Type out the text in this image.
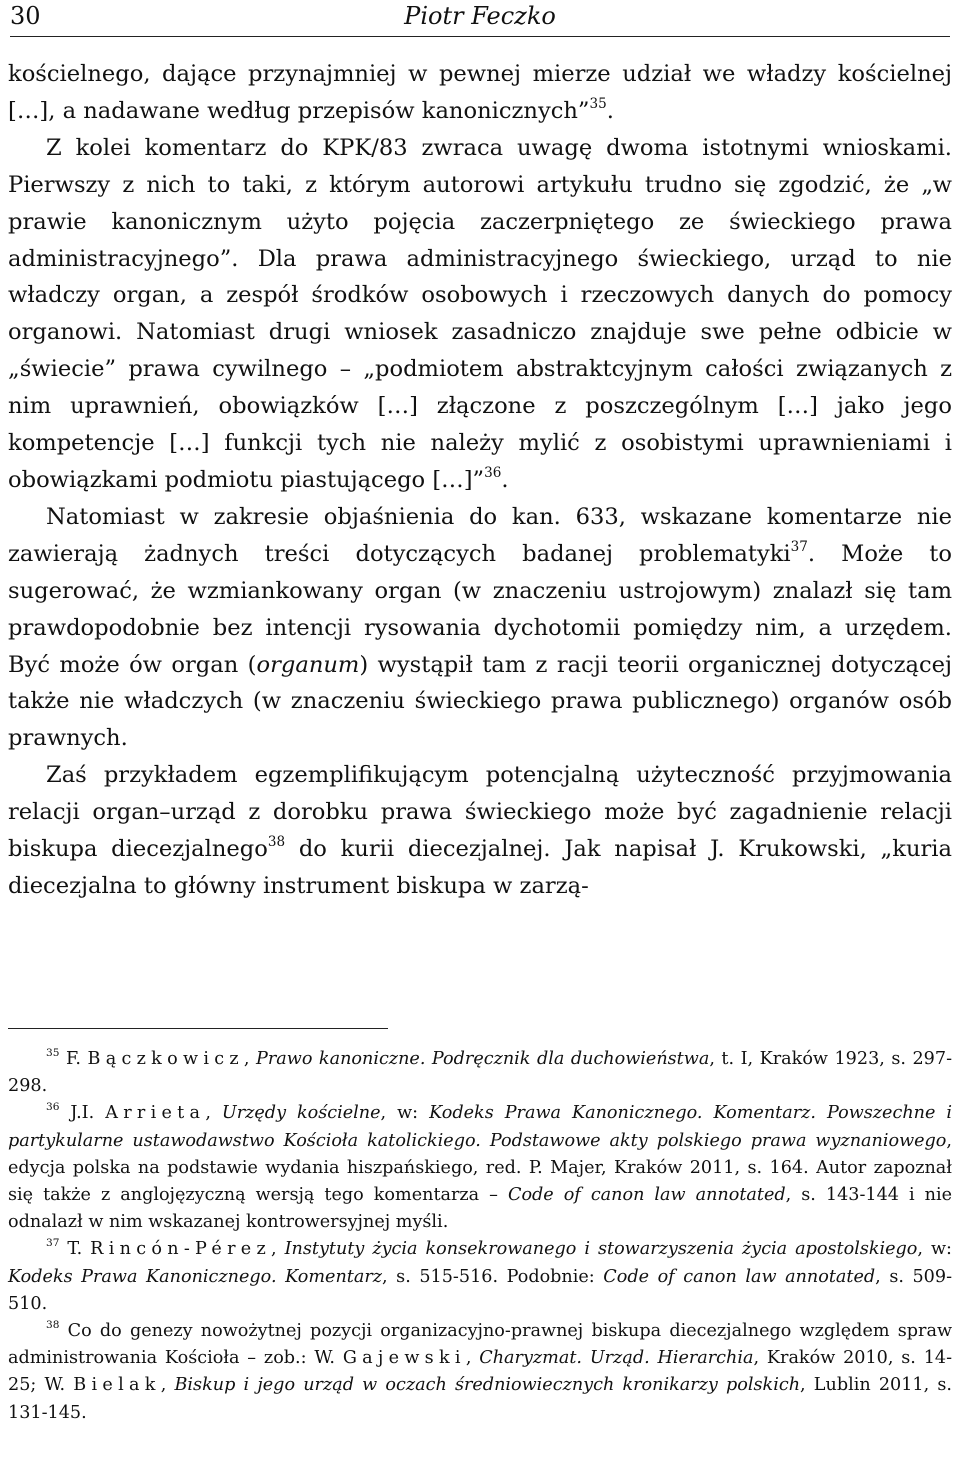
30	Piotr Feczko

kościelnego, dające przynajmniej w pewnej mierze udział we władzy kościelnej […], a nadawane według przepisów kanonicznych”$^{35}$.

Z kolei komentarz do KPK/83 zwraca uwagę dwoma istotnymi wnioskami. Pierwszy z nich to taki, z którym autorowi artykułu trudno się zgodzić, że „w prawie kanonicznym użyto pojęcia zaczerpniętego ze świeckiego prawa administracyjnego”. Dla prawa administracyjnego świeckiego, urząd to nie władczy organ, a zespół środków osobowych i rzeczowych danych do pomocy organowi. Natomiast drugi wniosek zasadniczo znajduje swe pełne odbicie w „świecie” prawa cywilnego – „podmiotem abstraktcyjnym całości związanych z nim uprawnień, obowiązków […] złączone z poszczególnym […] jako jego kompetencje […] funkcji tych nie należy mylić z osobistymi uprawnieniami i obowiązkami podmiotu piastującego […]”$^{36}$.

Natomiast w zakresie objaśnienia do kan. 633, wskazane komentarze nie zawierają żadnych treści dotyczących badanej problematyki$^{37}$. Może to sugerować, że wzmiankowany organ (w znaczeniu ustrojowym) znalazł się tam prawdopodobnie bez intencji rysowania dychotomii pomiędzy nim, a urzędem. Być może ów organ (organum) wystąpił tam z racji teorii organicznej dotyczącej także nie władczych (w znaczeniu świeckiego prawa publicznego) organów osób prawnych.

Zaś przykładem egzemplifikującym potencjalną użyteczność przyjmowania relacji organ–urząd z dorobku prawa świeckiego może być zagadnienie relacji biskupa diecezjalnego$^{38}$ do kurii diecezjalnej. Jak napisał J. Krukowski, „kuria diecezjalna to główny instrument biskupa w zarzą-

$^{35}$ F. Bączkowicz, Prawo kanoniczne. Podręcznik dla duchowieństwa, t. I, Kraków 1923, s. 297-298.

$^{36}$ J.I. Arrieta, Urzędy kościelne, w: Kodeks Prawa Kanonicznego. Komentarz. Powszechne i partykularne ustawodawstwo Kościoła katolickiego. Podstawowe akty polskiego prawa wyznaniowego, edycja polska na podstawie wydania hiszpańskiego, red. P. Majer, Kraków 2011, s. 164. Autor zapoznał się także z anglojęzyczną wersją tego komentarza – Code of canon law annotated, s. 143-144 i nie odnalazł w nim wskazanej kontrowersyjnej myśli.

$^{37}$ T. Rincón-Pérez, Instytuty życia konsekrowanego i stowarzyszenia życia apostolskiego, w: Kodeks Prawa Kanonicznego. Komentarz, s. 515-516. Podobnie: Code of canon law annotated, s. 509-510.

$^{38}$ Co do genezy nowożytnej pozycji organizacyjno-prawnej biskupa diecezjalnego względem spraw administrowania Kościoła – zob.: W. Gajewski, Charyzmat. Urząd. Hierarchia, Kraków 2010, s. 14-25; W. Bielak, Biskup i jego urząd w oczach średniowiecznych kronikarzy polskich, Lublin 2011, s. 131-145.
